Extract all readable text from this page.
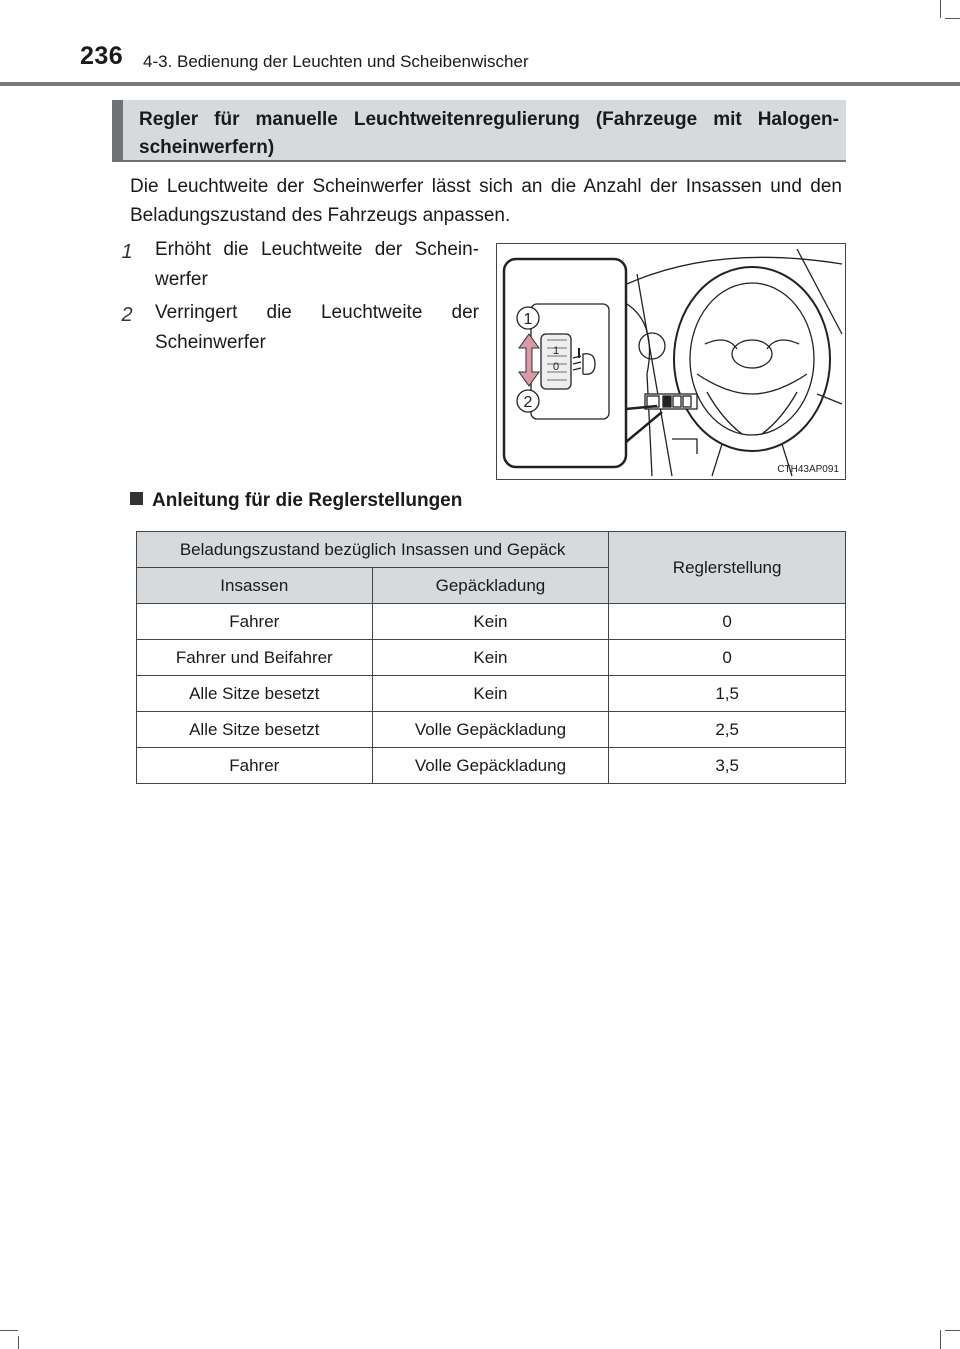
236 4-3. Bedienung der Leuchten und Scheibenwischer
Regler für manuelle Leuchtweitenregulierung (Fahrzeuge mit Halogen-scheinwerfern)
Die Leuchtweite der Scheinwerfer lässt sich an die Anzahl der Insassen und den Beladungszustand des Fahrzeugs anpassen.
1	Erhöht die Leuchtweite der Schein-werfer
2	Verringert die Leuchtweite der Scheinwerfer	1
0
1
2
CTH43AP091
Anleitung für die Reglerstellungen
Beladungszustand bezüglich Insassen und Gepäck		Reglerstellung
Insassen	Gepäckladung	
Fahrer	Kein	0
Fahrer und Beifahrer	Kein	0
Alle Sitze besetzt	Kein	1,5
Alle Sitze besetzt	Volle Gepäckladung	2,5
Fahrer	Volle Gepäckladung	3,5
